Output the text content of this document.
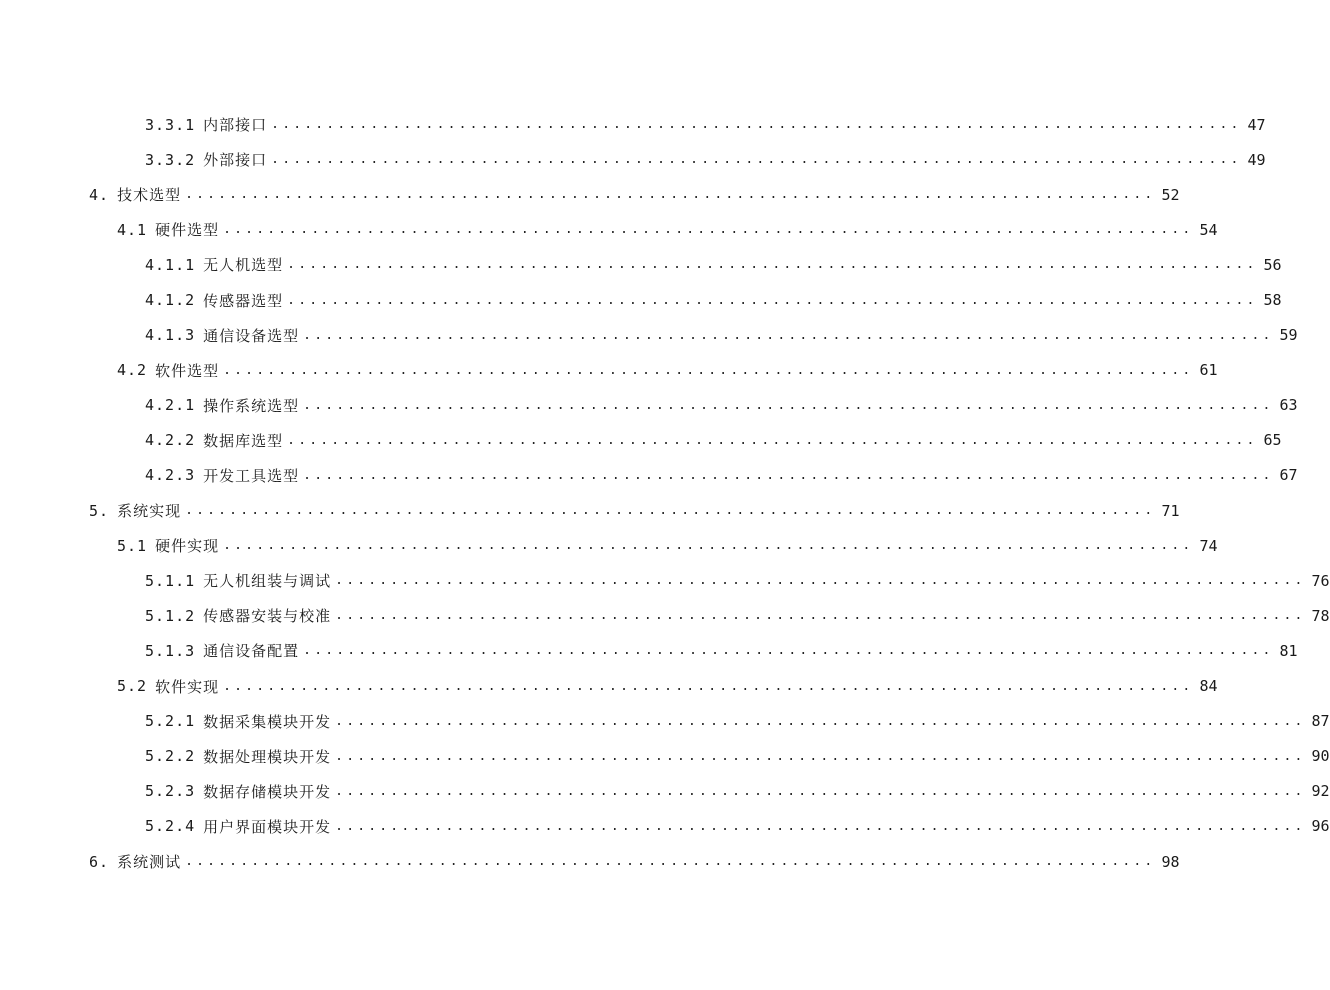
3.3.1 内部接口 ........................................................................................ 47
3.3.2 外部接口 ........................................................................................ 49
4. 技术选型 ........................................................................................ 52
4.1 硬件选型 ........................................................................................ 54
4.1.1 无人机选型 ........................................................................................ 56
4.1.2 传感器选型 ........................................................................................ 58
4.1.3 通信设备选型 ........................................................................................ 59
4.2 软件选型 ........................................................................................ 61
4.2.1 操作系统选型 ........................................................................................ 63
4.2.2 数据库选型 ........................................................................................ 65
4.2.3 开发工具选型 ........................................................................................ 67
5. 系统实现 ........................................................................................ 71
5.1 硬件实现 ........................................................................................ 74
5.1.1 无人机组装与调试 ........................................................................................ 76
5.1.2 传感器安装与校准 ........................................................................................ 78
5.1.3 通信设备配置 ........................................................................................ 81
5.2 软件实现 ........................................................................................ 84
5.2.1 数据采集模块开发 ........................................................................................ 87
5.2.2 数据处理模块开发 ........................................................................................ 90
5.2.3 数据存储模块开发 ........................................................................................ 92
5.2.4 用户界面模块开发 ........................................................................................ 96
6. 系统测试 ........................................................................................ 98
